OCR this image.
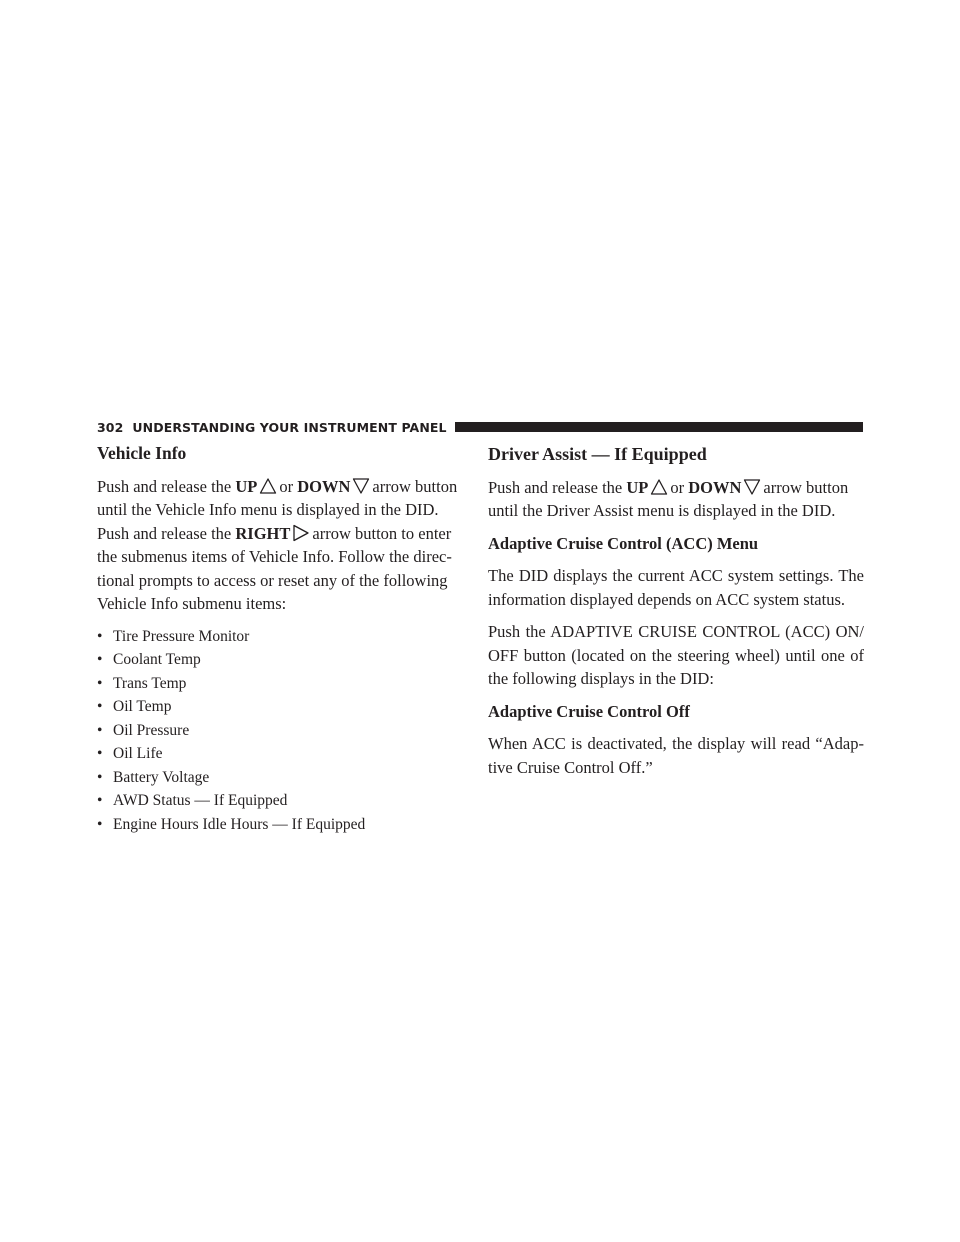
302 UNDERSTANDING YOUR INSTRUMENT PANEL
Vehicle Info

Push and release the UP or DOWN arrow button
until the Vehicle Info menu is displayed in the DID.
Push and release the RIGHT arrow button to enter
the submenus items of Vehicle Info. Follow the direc-
tional prompts to access or reset any of the following
Vehicle Info submenu items:

• Tire Pressure Monitor
• Coolant Temp
• Trans Temp
• Oil Temp
• Oil Pressure
• Oil Life
• Battery Voltage
• AWD Status — If Equipped
• Engine Hours Idle Hours — If Equipped
Driver Assist — If Equipped

Push and release the UP or DOWN arrow button
until the Driver Assist menu is displayed in the DID.

Adaptive Cruise Control (ACC) Menu

The DID displays the current ACC system settings. The information displayed depends on ACC system status.

Push the ADAPTIVE CRUISE CONTROL (ACC) ON/ OFF button (located on the steering wheel) until one of the following displays in the DID:

Adaptive Cruise Control Off

When ACC is deactivated, the display will read “Adap- tive Cruise Control Off.”
